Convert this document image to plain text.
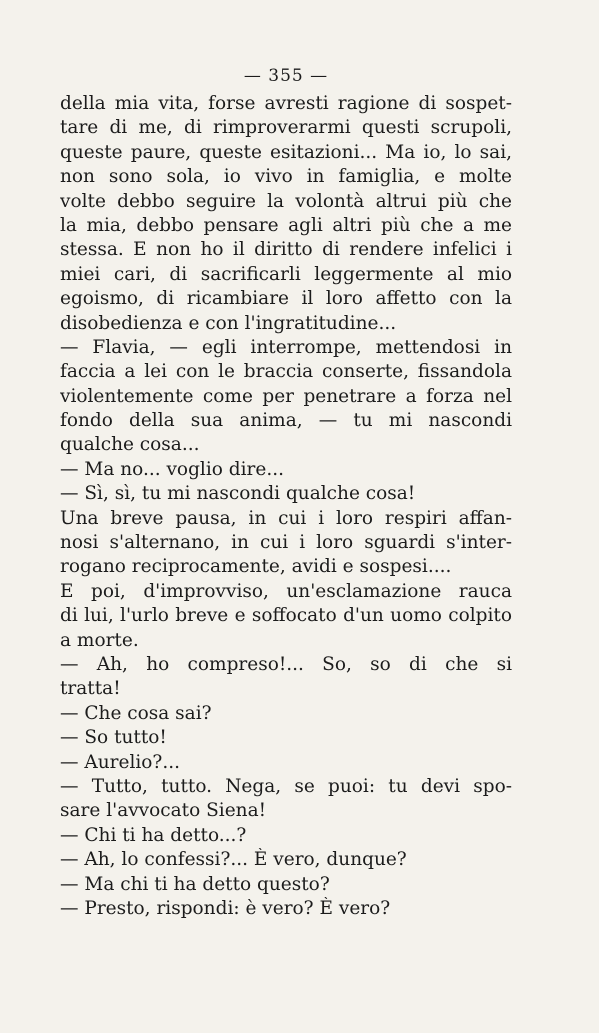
— 355 —
della mia vita, forse avresti ragione di sospet-
tare di me, di rimproverarmi questi scrupoli,
queste paure, queste esitazioni... Ma io, lo sai,
non sono sola, io vivo in famiglia, e molte
volte debbo seguire la volontà altrui più che
la mia, debbo pensare agli altri più che a me
stessa. E non ho il diritto di rendere infelici i
miei cari, di sacrificarli leggermente al mio
egoismo, di ricambiare il loro affetto con la
disobedienza e con l'ingratitudine...
— Flavia, — egli interrompe, mettendosi in
faccia a lei con le braccia conserte, fissandola
violentemente come per penetrare a forza nel
fondo della sua anima, — tu mi nascondi
qualche cosa...
— Ma no... voglio dire...
— Sì, sì, tu mi nascondi qualche cosa!
Una breve pausa, in cui i loro respiri affan-
nosi s'alternano, in cui i loro sguardi s'inter-
rogano reciprocamente, avidi e sospesi....
E poi, d'improvviso, un'esclamazione rauca
di lui, l'urlo breve e soffocato d'un uomo colpito
a morte.
— Ah, ho compreso!... So, so di che si
tratta!
— Che cosa sai?
— So tutto!
— Aurelio?...
— Tutto, tutto. Nega, se puoi: tu devi spo-
sare l'avvocato Siena!
— Chi ti ha detto...?
— Ah, lo confessi?... È vero, dunque?
— Ma chi ti ha detto questo?
— Presto, rispondi: è vero? È vero?
